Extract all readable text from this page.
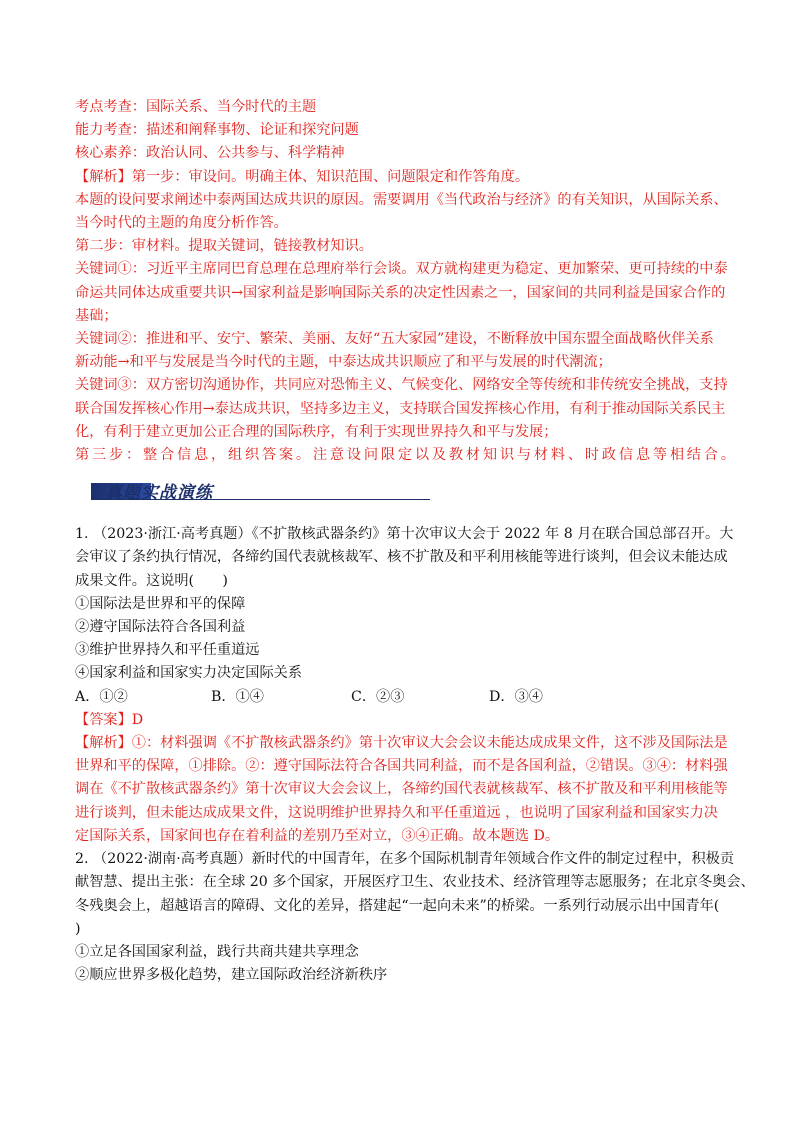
考点考查：国际关系、当今时代的主题
能力考查：描述和阐释事物、论证和探究问题
核心素养：政治认同、公共参与、科学精神
【解析】第一步：审设问。明确主体、知识范围、问题限定和作答角度。
本题的设问要求阐述中泰两国达成共识的原因。需要调用《当代政治与经济》的有关知识，从国际关系、
当今时代的主题的角度分析作答。
第二步：审材料。提取关键词，链接教材知识。
关键词①：习近平主席同巴育总理在总理府举行会谈。双方就构建更为稳定、更加繁荣、更可持续的中泰
命运共同体达成重要共识→国家利益是影响国际关系的决定性因素之一，国家间的共同利益是国家合作的
基础；
关键词②：推进和平、安宁、繁荣、美丽、友好“五大家园”建设，不断释放中国东盟全面战略伙伴关系
新动能→和平与发展是当今时代的主题，中泰达成共识顺应了和平与发展的时代潮流；
关键词③：双方密切沟通协作，共同应对恐怖主义、气候变化、网络安全等传统和非传统安全挑战，支持
联合国发挥核心作用→泰达成共识，坚持多边主义，支持联合国发挥核心作用，有利于推动国际关系民主
化，有利于建立更加公正合理的国际秩序，有利于实现世界持久和平与发展；
第三步：整合信息，组织答案。注意设问限定以及教材知识与材料、时政信息等相结合。
真题实战演练
1. （2023·浙江·高考真题）《不扩散核武器条约》第十次审议大会于 2022 年 8 月在联合国总部召开。大
会审议了条约执行情况，各缔约国代表就核裁军、核不扩散及和平利用核能等进行谈判，但会议未能达成
成果文件。这说明(　　)
①国际法是世界和平的保障
②遵守国际法符合各国利益
③维护世界持久和平任重道远
④国家利益和国家实力决定国际关系
A．①②	B．①④	C．②③	D．③④
【答案】D
【解析】①：材料强调《不扩散核武器条约》第十次审议大会会议未能达成成果文件，这不涉及国际法是
世界和平的保障，①排除。②：遵守国际法符合各国共同利益，而不是各国利益，②错误。③④：材料强
调在《不扩散核武器条约》第十次审议大会会议上，各缔约国代表就核裁军、核不扩散及和平利用核能等
进行谈判，但未能达成成果文件，这说明维护世界持久和平任重道远 ，也说明了国家利益和国家实力决
定国际关系，国家间也存在着利益的差别乃至对立，③④正确。故本题选 D。
2. （2022·湖南·高考真题）新时代的中国青年，在多个国际机制青年领域合作文件的制定过程中，积极贡
献智慧、提出主张：在全球 20 多个国家，开展医疗卫生、农业技术、经济管理等志愿服务；在北京冬奥会、
冬残奥会上，超越语言的障碍、文化的差异，搭建起“一起向未来”的桥梁。一系列行动展示出中国青年(
)
①立足各国国家利益，践行共商共建共享理念
②顺应世界多极化趋势，建立国际政治经济新秩序
